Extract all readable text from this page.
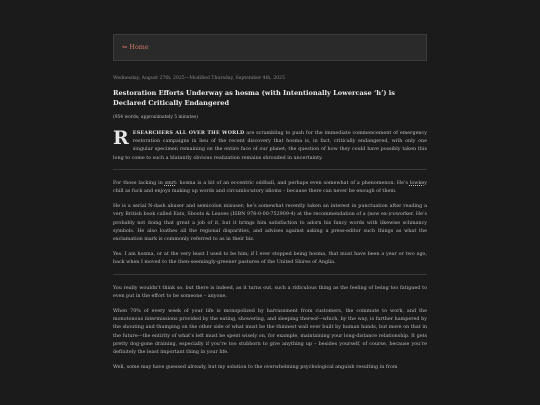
⇐ Home
Wednesday, August 27th, 2025—Modified Thursday, September 4th, 2025
Restoration Efforts Underway as hosma (with Intentionally Lowercase ‘h’) is Declared Critically Endangered
(954 words; approximately 5 minutes)

RESEARCHERS ALL OVER THE WORLD are scrambling to push for the immediate commencement of emergency restoration campaigns in lieu of the recent discovery that hosma is, in fact, critically endangered, with only one singular specimen remaining on the entire face of our planet; the question of how they could have possibly taken this long to come to such a blatantly obvious realization remains shrouded in uncertainty.

For those lacking in smrt: hosma is a bit of an eccentric oddball, and perhaps even somewhat of a phenomenon. He’s lowkey chill as fuck and enjoys making up words and circumlocutory idioms – because there can never be enough of them.

He is a serial N-dash abuser and semicolon misuser; he’s somewhat recently taken an interest in punctuation after reading a very British book called Eats, Shoots & Leaves (ISBN 978-0-00-752909-4) at the recommendation of a (now ex-)coworker. He’s probably not doing that great a job of it, but it brings him satisfaction to adorn his fancy words with likewise schmancy symbols. He also loathes all the regional disparities, and advises against asking a press-editor such things as what the exclamation mark is commonly referred to as in their biz.

Yes. I am hosma, or at the very least I used to be him; if I ever stopped being hosma, that must have been a year or two ago, back when I moved to the then-seemingly-greener pastures of the United Shires of Anglia.

You really wouldn’t think so, but there is indeed, as it turns out, such a ridiculous thing as the feeling of being too fatigued to even put in the effort to be someone – anyone.

When 70% of every week of your life is monopolized by harrassment from customers, the commute to work, and the monotonous intermissions provided by the eating, showering, and sleeping thereof—which, by the way, is further hampered by the shouting and thumping on the other side of what must be the thinnest wall ever built by human hands, but more on that in the future—the entirity of what’s left must be spent wisely on, for example, maintaining your long-distance relationship. It gets pretty dog-gone draining, especially if you’re too stubborn to give anything up – besides yourself, of course, because you’re definitely the least important thing in your life.

Well, some may have guessed already, but my solution to the overwhelming psychological anguish resulting in from
